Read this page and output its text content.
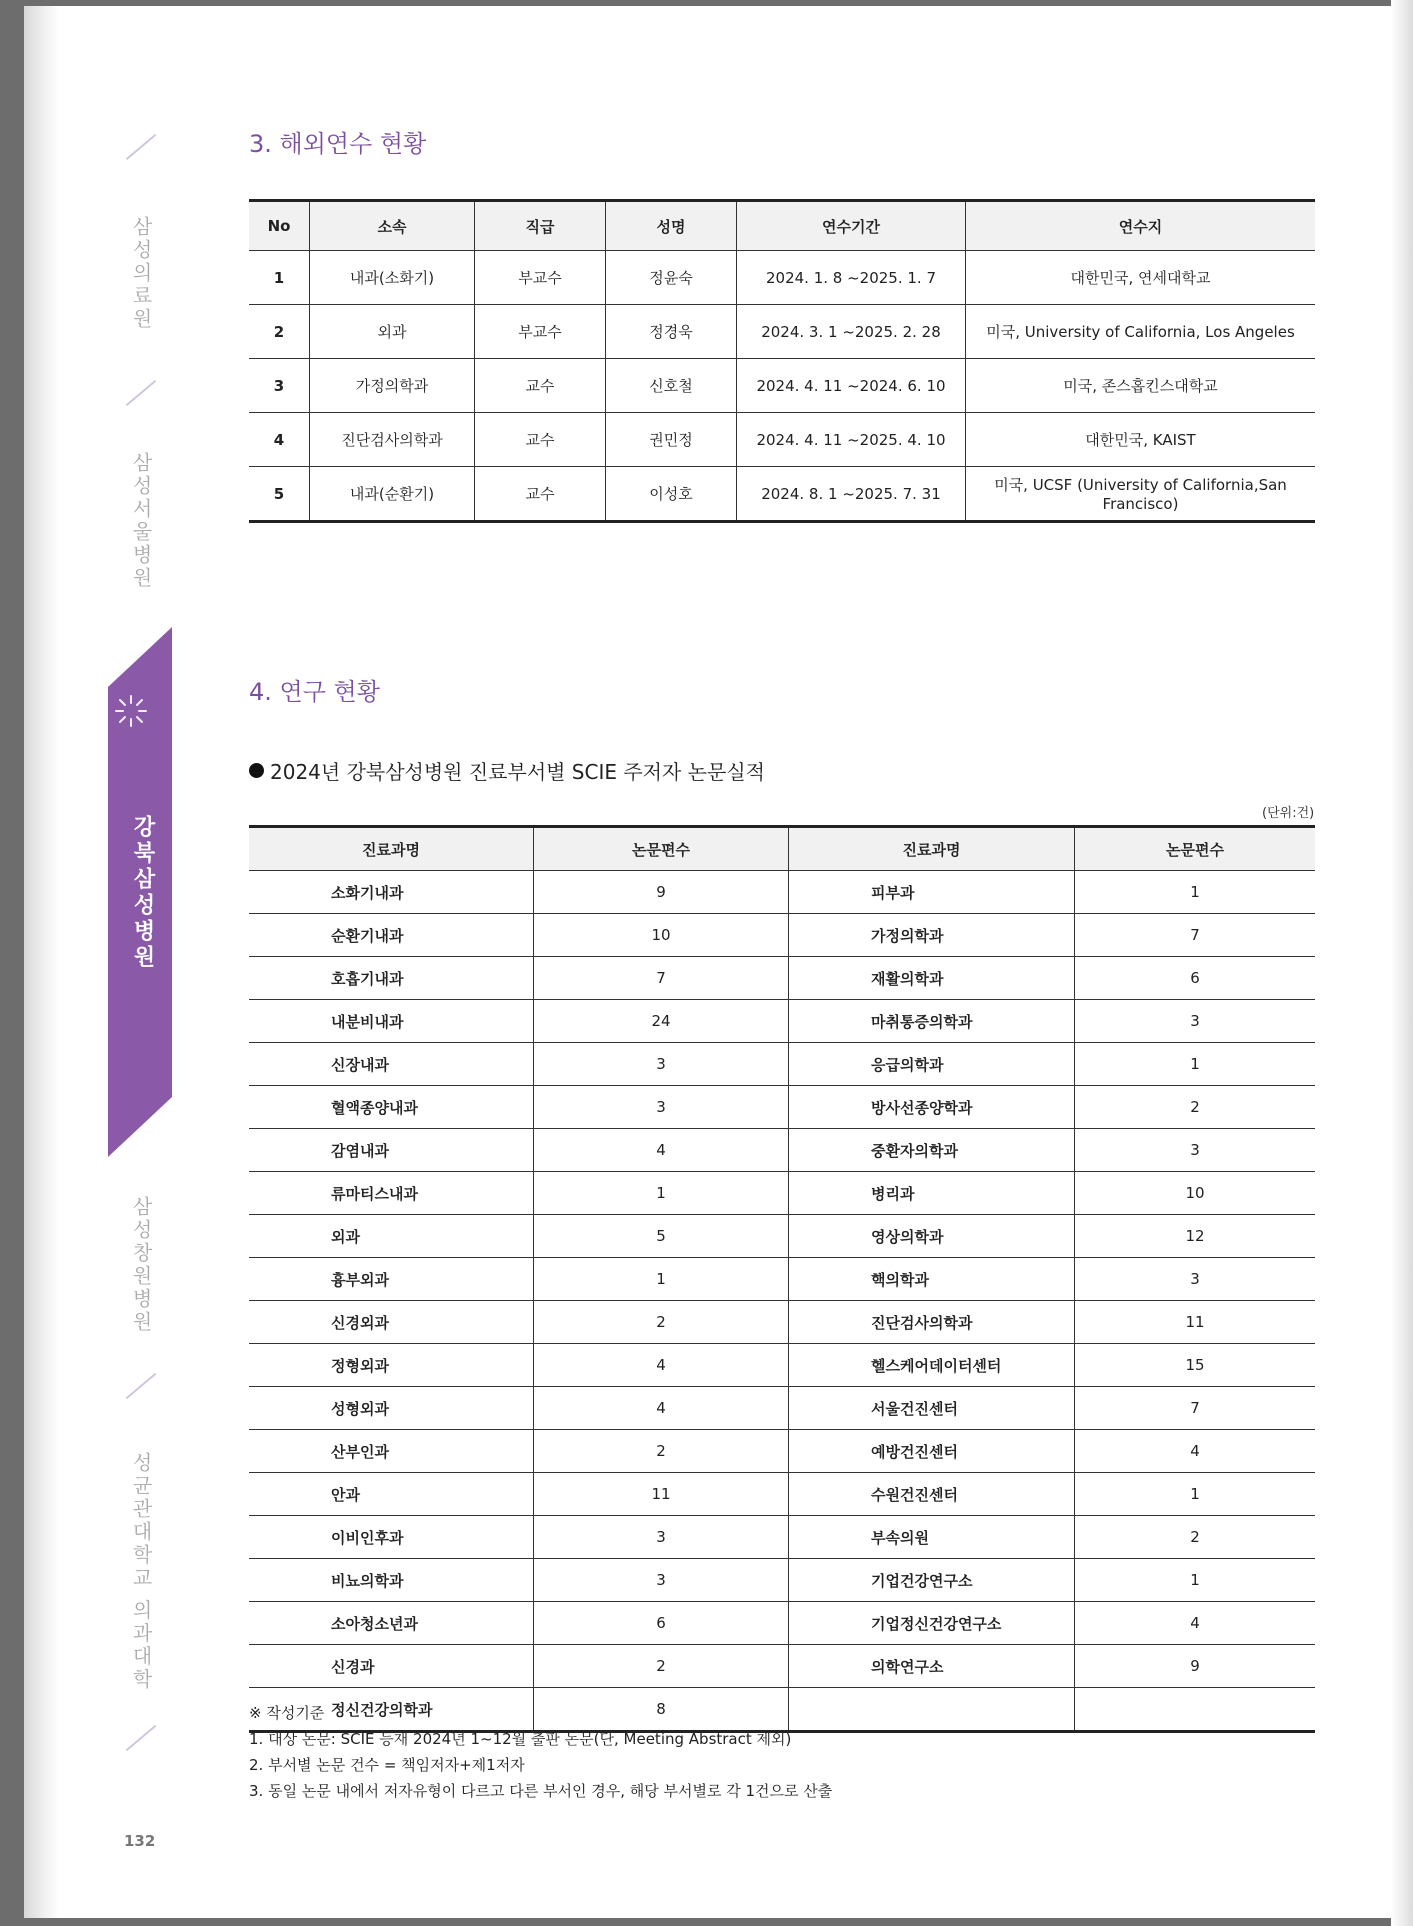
삼성의료원
삼성서울병원
강북삼성병원
삼성창원병원
성균관대학교 의과대학
132
3. 해외연수 현황
No	소속	직급	성명	연수기간	연수지
1	내과(소화기)	부교수	정윤숙	2024. 1. 8 ~2025. 1. 7	대한민국, 연세대학교
2	외과	부교수	정경욱	2024. 3. 1 ~2025. 2. 28	미국, University of California, Los Angeles
3	가정의학과	교수	신호철	2024. 4. 11 ~2024. 6. 10	미국, 존스홉킨스대학교
4	진단검사의학과	교수	권민정	2024. 4. 11 ~2025. 4. 10	대한민국, KAIST
5	내과(순환기)	교수	이성호	2024. 8. 1 ~2025. 7. 31	미국, UCSF (University of California,San Francisco)
4. 연구 현황
2024년 강북삼성병원 진료부서별 SCIE 주저자 논문실적
(단위:건)
진료과명	논문편수	진료과명	논문편수
소화기내과	9	피부과	1
순환기내과	10	가정의학과	7
호흡기내과	7	재활의학과	6
내분비내과	24	마취통증의학과	3
신장내과	3	응급의학과	1
혈액종양내과	3	방사선종양학과	2
감염내과	4	중환자의학과	3
류마티스내과	1	병리과	10
외과	5	영상의학과	12
흉부외과	1	핵의학과	3
신경외과	2	진단검사의학과	11
정형외과	4	헬스케어데이터센터	15
성형외과	4	서울건진센터	7
산부인과	2	예방건진센터	4
안과	11	수원건진센터	1
이비인후과	3	부속의원	2
비뇨의학과	3	기업건강연구소	1
소아청소년과	6	기업정신건강연구소	4
신경과	2	의학연구소	9
정신건강의학과	8		
※ 작성기준
1. 대상 논문: SCIE 등재 2024년 1~12월 출판 논문(단, Meeting Abstract 제외)
2. 부서별 논문 건수 = 책임저자+제1저자
3. 동일 논문 내에서 저자유형이 다르고 다른 부서인 경우, 해당 부서별로 각 1건으로 산출
